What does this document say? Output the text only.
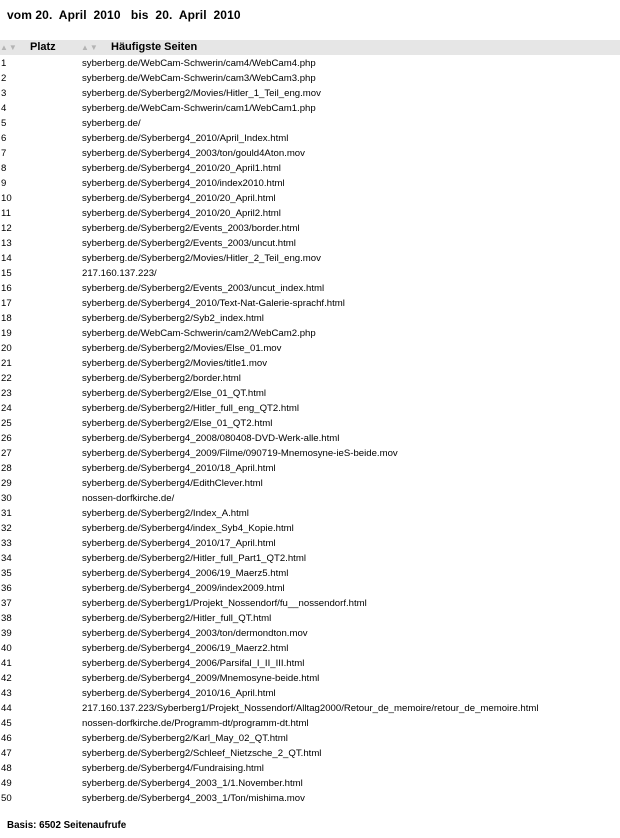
vom 20.  April  2010   bis  20.  April  2010
▲▼ Platz	▲▼ Häufigste Seiten
1	syberberg.de/WebCam-Schwerin/cam4/WebCam4.php
2	syberberg.de/WebCam-Schwerin/cam3/WebCam3.php
3	syberberg.de/Syberberg2/Movies/Hitler_1_Teil_eng.mov
4	syberberg.de/WebCam-Schwerin/cam1/WebCam1.php
5	syberberg.de/
6	syberberg.de/Syberberg4_2010/April_Index.html
7	syberberg.de/Syberberg4_2003/ton/gould4Aton.mov
8	syberberg.de/Syberberg4_2010/20_April1.html
9	syberberg.de/Syberberg4_2010/index2010.html
10	syberberg.de/Syberberg4_2010/20_April.html
11	syberberg.de/Syberberg4_2010/20_April2.html
12	syberberg.de/Syberberg2/Events_2003/border.html
13	syberberg.de/Syberberg2/Events_2003/uncut.html
14	syberberg.de/Syberberg2/Movies/Hitler_2_Teil_eng.mov
15	217.160.137.223/
16	syberberg.de/Syberberg2/Events_2003/uncut_index.html
17	syberberg.de/Syberberg4_2010/Text-Nat-Galerie-sprachf.html
18	syberberg.de/Syberberg2/Syb2_index.html
19	syberberg.de/WebCam-Schwerin/cam2/WebCam2.php
20	syberberg.de/Syberberg2/Movies/Else_01.mov
21	syberberg.de/Syberberg2/Movies/title1.mov
22	syberberg.de/Syberberg2/border.html
23	syberberg.de/Syberberg2/Else_01_QT.html
24	syberberg.de/Syberberg2/Hitler_full_eng_QT2.html
25	syberberg.de/Syberberg2/Else_01_QT2.html
26	syberberg.de/Syberberg4_2008/080408-DVD-Werk-alle.html
27	syberberg.de/Syberberg4_2009/Filme/090719-Mnemosyne-ieS-beide.mov
28	syberberg.de/Syberberg4_2010/18_April.html
29	syberberg.de/Syberberg4/EdithClever.html
30	nossen-dorfkirche.de/
31	syberberg.de/Syberberg2/Index_A.html
32	syberberg.de/Syberberg4/index_Syb4_Kopie.html
33	syberberg.de/Syberberg4_2010/17_April.html
34	syberberg.de/Syberberg2/Hitler_full_Part1_QT2.html
35	syberberg.de/Syberberg4_2006/19_Maerz5.html
36	syberberg.de/Syberberg4_2009/index2009.html
37	syberberg.de/Syberberg1/Projekt_Nossendorf/fu__nossendorf.html
38	syberberg.de/Syberberg2/Hitler_full_QT.html
39	syberberg.de/Syberberg4_2003/ton/dermondton.mov
40	syberberg.de/Syberberg4_2006/19_Maerz2.html
41	syberberg.de/Syberberg4_2006/Parsifal_I_II_III.html
42	syberberg.de/Syberberg4_2009/Mnemosyne-beide.html
43	syberberg.de/Syberberg4_2010/16_April.html
44	217.160.137.223/Syberberg1/Projekt_Nossendorf/Alltag2000/Retour_de_memoire/retour_de_memoire.html
45	nossen-dorfkirche.de/Programm-dt/programm-dt.html
46	syberberg.de/Syberberg2/Karl_May_02_QT.html
47	syberberg.de/Syberberg2/Schleef_Nietzsche_2_QT.html
48	syberberg.de/Syberberg4/Fundraising.html
49	syberberg.de/Syberberg4_2003_1/1.November.html
50	syberberg.de/Syberberg4_2003_1/Ton/mishima.mov
Basis: 6502 Seitenaufrufe
